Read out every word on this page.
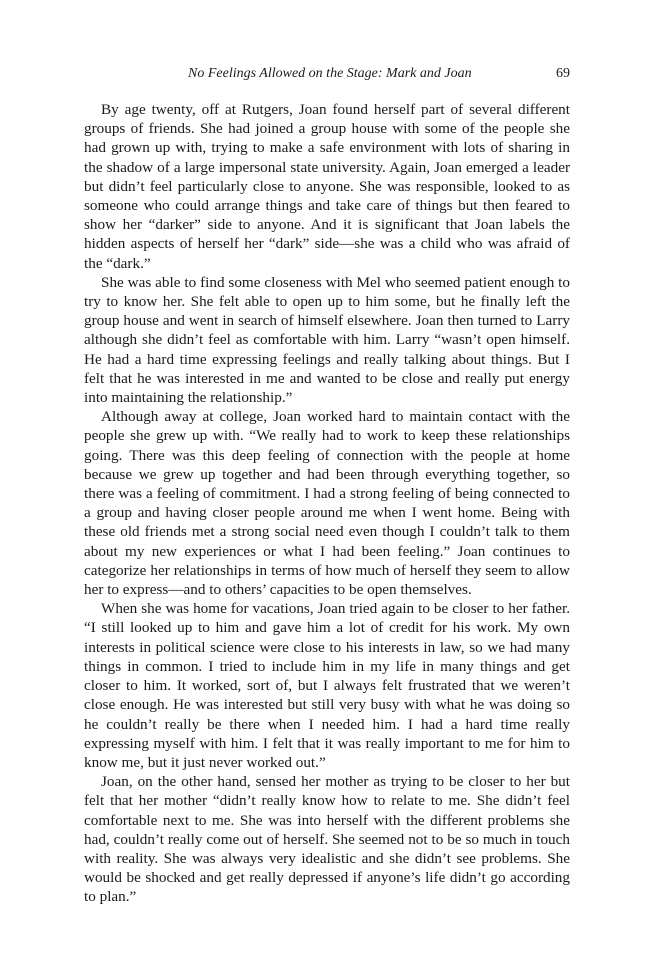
No Feelings Allowed on the Stage: Mark and Joan	69

By age twenty, off at Rutgers, Joan found herself part of several different groups of friends. She had joined a group house with some of the people she had grown up with, trying to make a safe environment with lots of sharing in the shadow of a large impersonal state university. Again, Joan emerged a leader but didn’t feel particularly close to anyone. She was responsible, looked to as someone who could arrange things and take care of things but then feared to show her “darker” side to anyone. And it is significant that Joan labels the hidden aspects of herself her “dark” side—she was a child who was afraid of the “dark.”

She was able to find some closeness with Mel who seemed patient enough to try to know her. She felt able to open up to him some, but he finally left the group house and went in search of himself elsewhere. Joan then turned to Larry although she didn’t feel as comfortable with him. Larry “wasn’t open himself. He had a hard time expressing feelings and really talking about things. But I felt that he was interested in me and wanted to be close and really put energy into maintaining the relationship.”

Although away at college, Joan worked hard to maintain contact with the people she grew up with. “We really had to work to keep these relationships going. There was this deep feeling of connection with the people at home because we grew up together and had been through everything together, so there was a feeling of commitment. I had a strong feeling of being connected to a group and having closer people around me when I went home. Being with these old friends met a strong social need even though I couldn’t talk to them about my new experiences or what I had been feeling.” Joan continues to categorize her relationships in terms of how much of herself they seem to allow her to express—and to others’ capacities to be open themselves.

When she was home for vacations, Joan tried again to be closer to her father. “I still looked up to him and gave him a lot of credit for his work. My own interests in political science were close to his interests in law, so we had many things in common. I tried to include him in my life in many things and get closer to him. It worked, sort of, but I always felt frustrated that we weren’t close enough. He was interested but still very busy with what he was doing so he couldn’t really be there when I needed him. I had a hard time really expressing myself with him. I felt that it was really important to me for him to know me, but it just never worked out.”

Joan, on the other hand, sensed her mother as trying to be closer to her but felt that her mother “didn’t really know how to relate to me. She didn’t feel comfortable next to me. She was into herself with the different problems she had, couldn’t really come out of herself. She seemed not to be so much in touch with reality. She was always very idealistic and she didn’t see problems. She would be shocked and get really depressed if anyone’s life didn’t go according to plan.”
